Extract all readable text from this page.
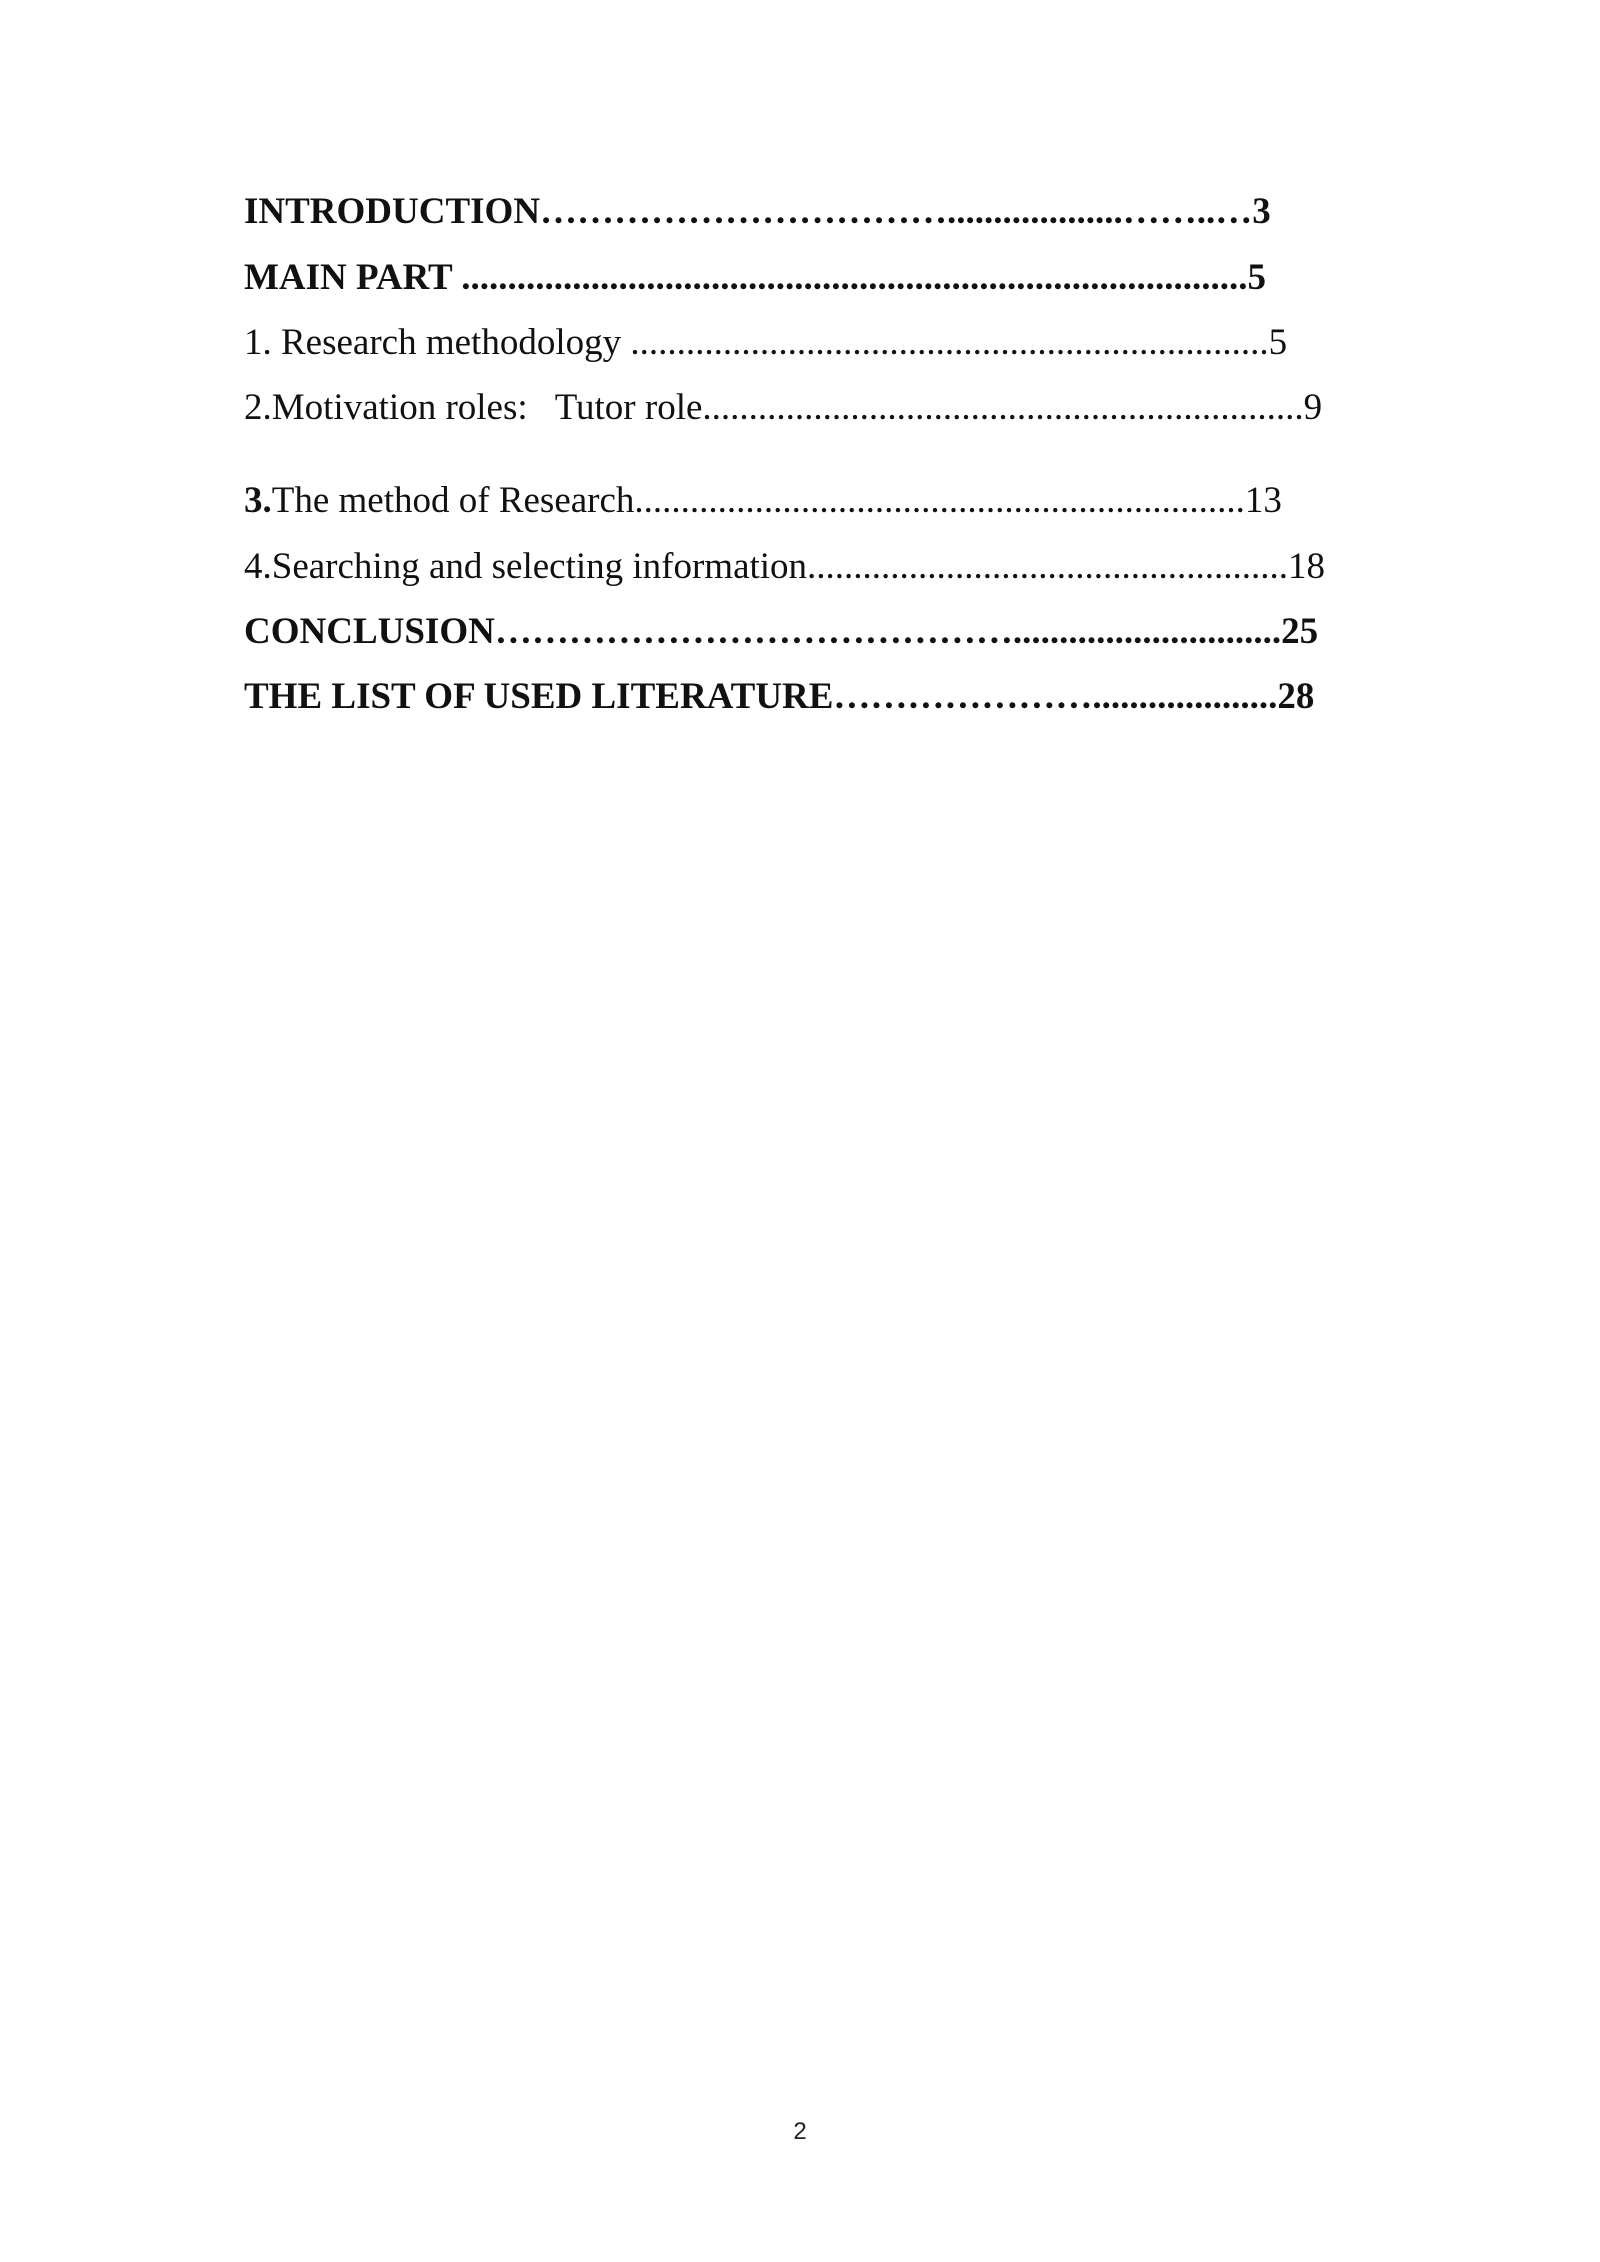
INTRODUCTION……………………………...................……..…3
MAIN PART .....................................................................................5
1. Research methodology .....................................................................5
2.Motivation roles:   Tutor role.................................................................9
3.The method of Research..................................................................13
4.Searching and selecting information....................................................18
CONCLUSION…………………………………….............................25
THE LIST OF USED LITERATURE…………………....................28
2
